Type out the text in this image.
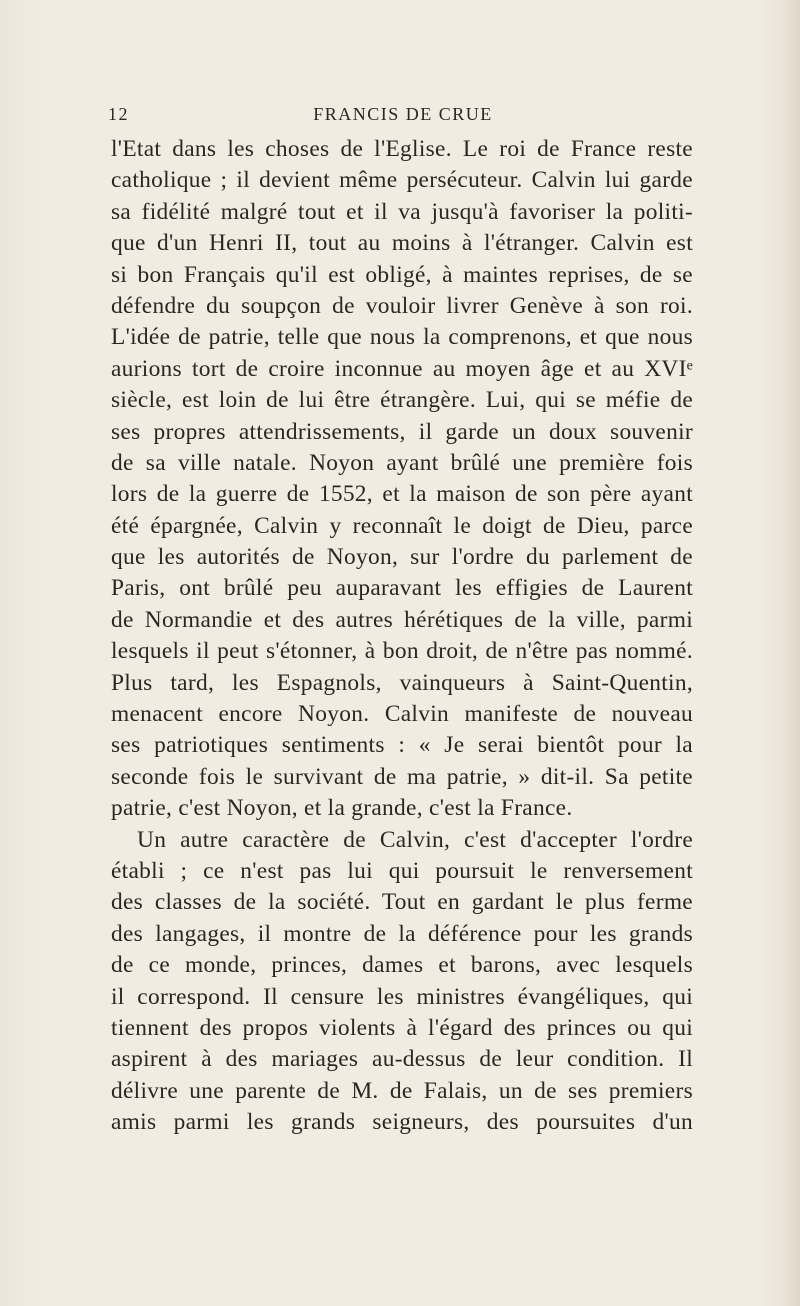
12	FRANCIS DE CRUE
l'Etat dans les choses de l'Eglise. Le roi de France reste
catholique ; il devient même persécuteur. Calvin lui garde
sa fidélité malgré tout et il va jusqu'à favoriser la politi-
que d'un Henri II, tout au moins à l'étranger. Calvin est
si bon Français qu'il est obligé, à maintes reprises, de se
défendre du soupçon de vouloir livrer Genève à son roi.
L'idée de patrie, telle que nous la comprenons, et que nous
aurions tort de croire inconnue au moyen âge et au XVIᵉ
siècle, est loin de lui être étrangère. Lui, qui se méfie de
ses propres attendrissements, il garde un doux souvenir
de sa ville natale. Noyon ayant brûlé une première fois
lors de la guerre de 1552, et la maison de son père ayant
été épargnée, Calvin y reconnaît le doigt de Dieu, parce
que les autorités de Noyon, sur l'ordre du parlement de
Paris, ont brûlé peu auparavant les effigies de Laurent
de Normandie et des autres hérétiques de la ville, parmi
lesquels il peut s'étonner, à bon droit, de n'être pas nommé.
Plus tard, les Espagnols, vainqueurs à Saint-Quentin,
menacent encore Noyon. Calvin manifeste de nouveau
ses patriotiques sentiments : « Je serai bientôt pour la
seconde fois le survivant de ma patrie, » dit-il. Sa petite
patrie, c'est Noyon, et la grande, c'est la France.
Un autre caractère de Calvin, c'est d'accepter l'ordre
établi ; ce n'est pas lui qui poursuit le renversement
des classes de la société. Tout en gardant le plus ferme
des langages, il montre de la déférence pour les grands
de ce monde, princes, dames et barons, avec lesquels
il correspond. Il censure les ministres évangéliques, qui
tiennent des propos violents à l'égard des princes ou qui
aspirent à des mariages au-dessus de leur condition. Il
délivre une parente de M. de Falais, un de ses premiers
amis parmi les grands seigneurs, des poursuites d'un
